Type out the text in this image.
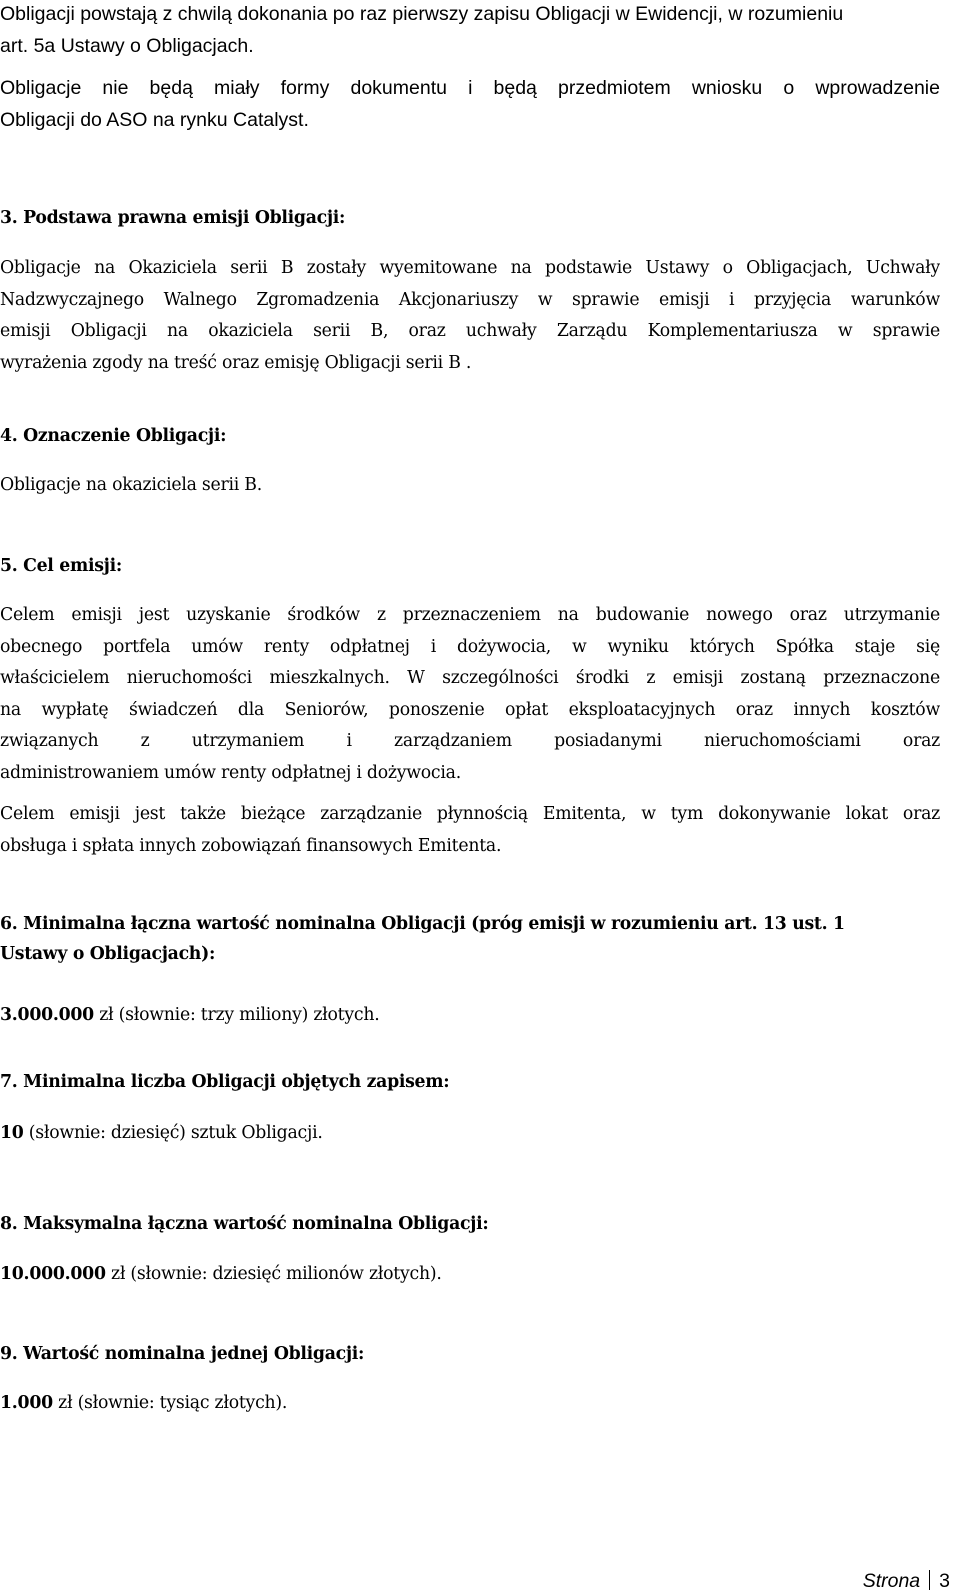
Obligacji powstają z chwilą dokonania po raz pierwszy zapisu Obligacji w Ewidencji, w rozumieniu
art. 5a Ustawy o Obligacjach.
Obligacje nie będą miały formy dokumentu i będą przedmiotem wniosku o wprowadzenie
Obligacji do ASO na rynku Catalyst.
3. Podstawa prawna emisji Obligacji:
Obligacje na Okaziciela serii B zostały wyemitowane na podstawie Ustawy o Obligacjach, Uchwały
Nadzwyczajnego Walnego Zgromadzenia Akcjonariuszy w sprawie emisji i przyjęcia warunków
emisji Obligacji na okaziciela serii B, oraz uchwały Zarządu Komplementariusza w sprawie
wyrażenia zgody na treść oraz emisję Obligacji serii B .
4. Oznaczenie Obligacji:
Obligacje na okaziciela serii B.
5. Cel emisji:
Celem emisji jest uzyskanie środków z przeznaczeniem na budowanie nowego oraz utrzymanie
obecnego portfela umów renty odpłatnej i dożywocia, w wyniku których Spółka staje się
właścicielem nieruchomości mieszkalnych. W szczególności środki z emisji zostaną przeznaczone
na wypłatę świadczeń dla Seniorów, ponoszenie opłat eksploatacyjnych oraz innych kosztów
związanych z utrzymaniem i zarządzaniem posiadanymi nieruchomościami oraz
administrowaniem umów renty odpłatnej i dożywocia.
Celem emisji jest także bieżące zarządzanie płynnością Emitenta, w tym dokonywanie lokat oraz
obsługa i spłata innych zobowiązań finansowych Emitenta.
6. Minimalna łączna wartość nominalna Obligacji (próg emisji w rozumieniu art. 13 ust. 1
Ustawy o Obligacjach):
3.000.000 zł (słownie: trzy miliony) złotych.
7. Minimalna liczba Obligacji objętych zapisem:
10 (słownie: dziesięć) sztuk Obligacji.
8. Maksymalna łączna wartość nominalna Obligacji:
10.000.000 zł (słownie: dziesięć milionów złotych).
9. Wartość nominalna jednej Obligacji:
1.000 zł (słownie: tysiąc złotych).
Strona 3
